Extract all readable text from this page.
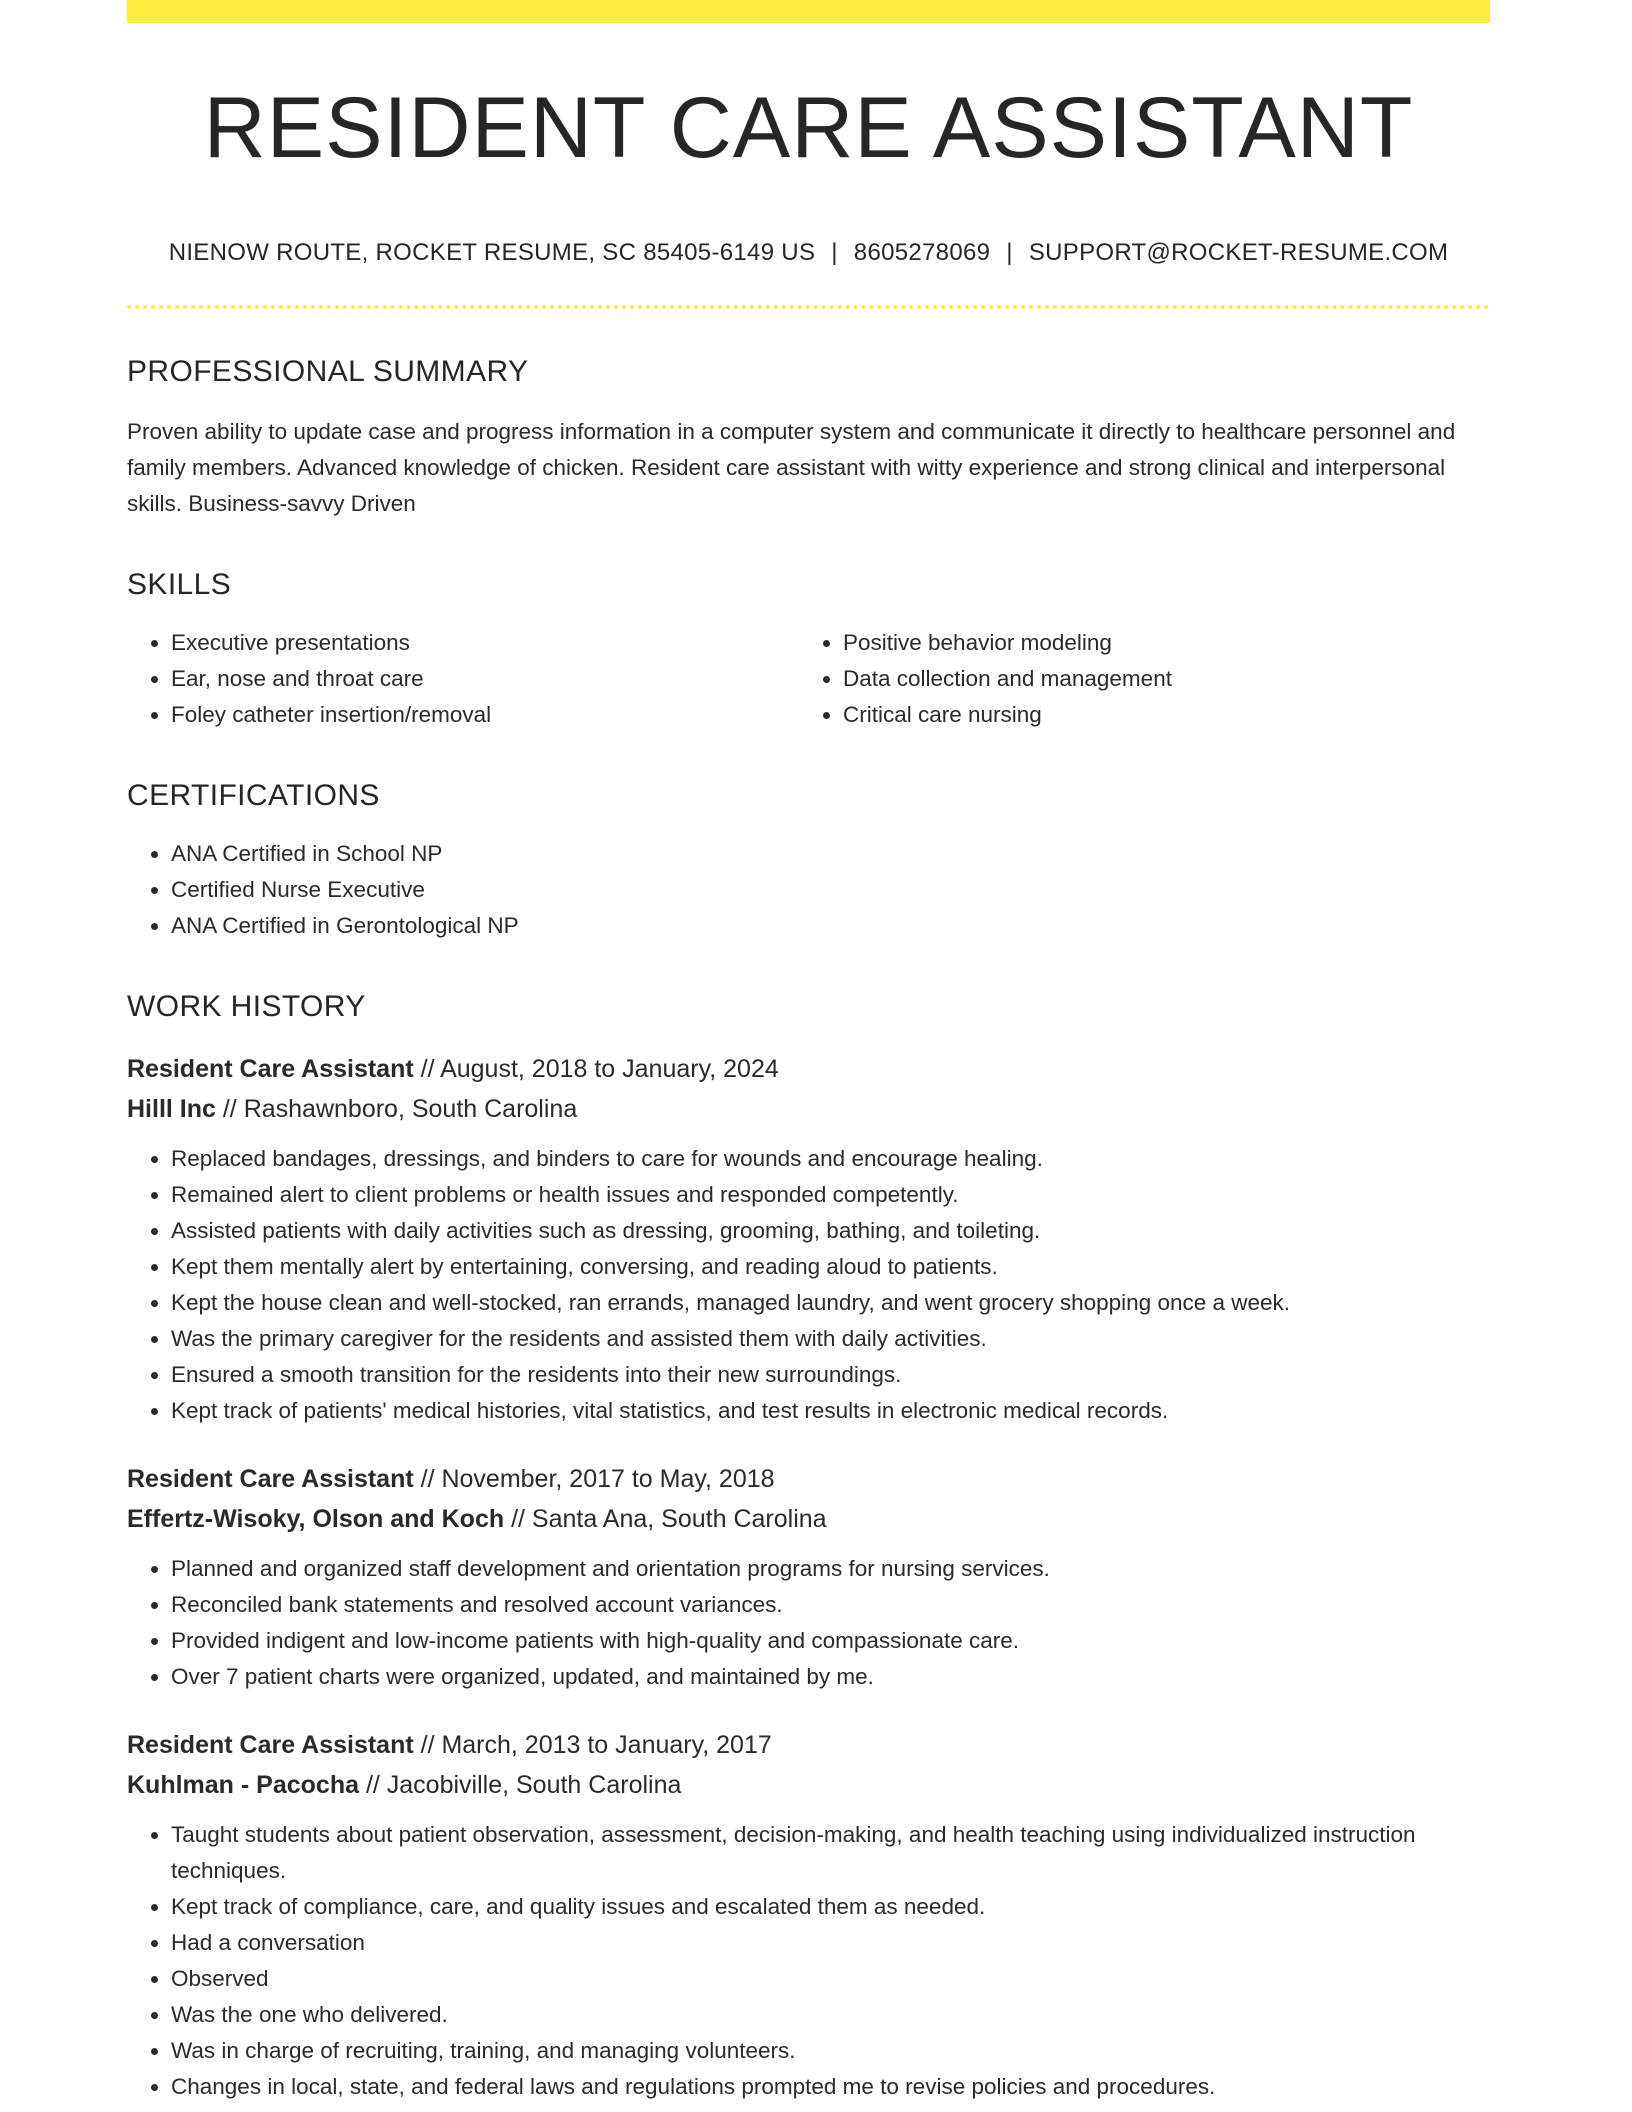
RESIDENT CARE ASSISTANT
NIENOW ROUTE, ROCKET RESUME, SC 85405-6149 US | 8605278069 | SUPPORT@ROCKET-RESUME.COM
PROFESSIONAL SUMMARY
Proven ability to update case and progress information in a computer system and communicate it directly to healthcare personnel and family members. Advanced knowledge of chicken. Resident care assistant with witty experience and strong clinical and interpersonal skills. Business-savvy Driven
SKILLS
• Executive presentations
• Ear, nose and throat care
• Foley catheter insertion/removal
• Positive behavior modeling
• Data collection and management
• Critical care nursing
CERTIFICATIONS
• ANA Certified in School NP
• Certified Nurse Executive
• ANA Certified in Gerontological NP
WORK HISTORY
Resident Care Assistant // August, 2018 to January, 2024
Hilll Inc // Rashawnboro, South Carolina
• Replaced bandages, dressings, and binders to care for wounds and encourage healing.
• Remained alert to client problems or health issues and responded competently.
• Assisted patients with daily activities such as dressing, grooming, bathing, and toileting.
• Kept them mentally alert by entertaining, conversing, and reading aloud to patients.
• Kept the house clean and well-stocked, ran errands, managed laundry, and went grocery shopping once a week.
• Was the primary caregiver for the residents and assisted them with daily activities.
• Ensured a smooth transition for the residents into their new surroundings.
• Kept track of patients' medical histories, vital statistics, and test results in electronic medical records.
Resident Care Assistant // November, 2017 to May, 2018
Effertz-Wisoky, Olson and Koch // Santa Ana, South Carolina
• Planned and organized staff development and orientation programs for nursing services.
• Reconciled bank statements and resolved account variances.
• Provided indigent and low-income patients with high-quality and compassionate care.
• Over 7 patient charts were organized, updated, and maintained by me.
Resident Care Assistant // March, 2013 to January, 2017
Kuhlman - Pacocha // Jacobiville, South Carolina
• Taught students about patient observation, assessment, decision-making, and health teaching using individualized instruction techniques.
• Kept track of compliance, care, and quality issues and escalated them as needed.
• Had a conversation
• Observed
• Was the one who delivered.
• Was in charge of recruiting, training, and managing volunteers.
• Changes in local, state, and federal laws and regulations prompted me to revise policies and procedures.
